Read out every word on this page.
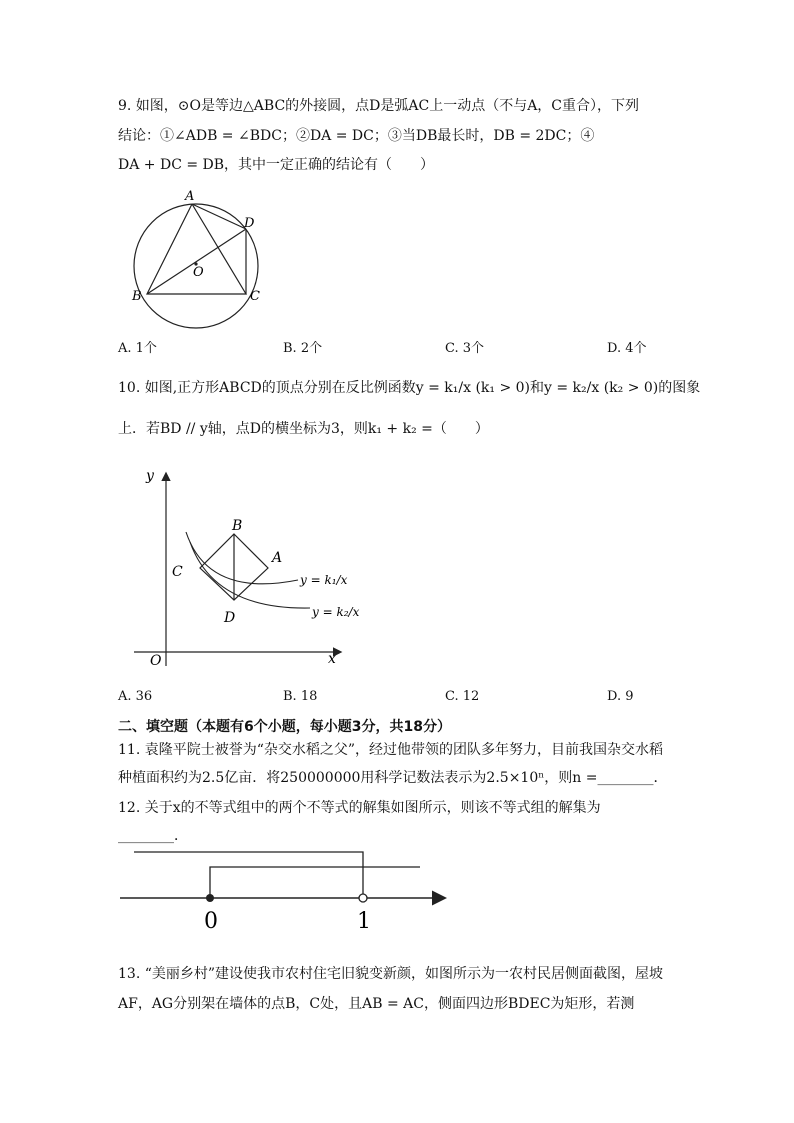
9. 如图，⊙O是等边△ABC的外接圆，点D是弧AC上一动点（不与A，C重合），下列
结论：①∠ADB = ∠BDC；②DA = DC；③当DB最长时，DB = 2DC；④
DA + DC = DB，其中一定正确的结论有（　　）
A
B	C
D
O
A. 1个	B. 2个	C. 3个	D. 4个
10. 如图,正方形ABCD的顶点分别在反比例函数y = k₁/x (k₁ > 0)和y = k₂/x (k₂ > 0)的图象
上．若BD // y轴，点D的横坐标为3，则k₁ + k₂ =（　　）
y
x
O
B
A
C
D
y = k₁/x
y = k₂/x
A. 36	B. 18	C. 12	D. 9
二、填空题（本题有6个小题，每小题3分，共18分）
11. 袁隆平院士被誉为“杂交水稻之父”，经过他带领的团队多年努力，目前我国杂交水稻
种植面积约为2.5亿亩．将250000000用科学记数法表示为2.5×10ⁿ，则n =________．
12. 关于x的不等式组中的两个不等式的解集如图所示，则该不等式组的解集为
________．
0	1
13. “美丽乡村”建设使我市农村住宅旧貌变新颜，如图所示为一农村民居侧面截图，屋坡
AF，AG分别架在墙体的点B，C处，且AB = AC，侧面四边形BDEC为矩形，若测
